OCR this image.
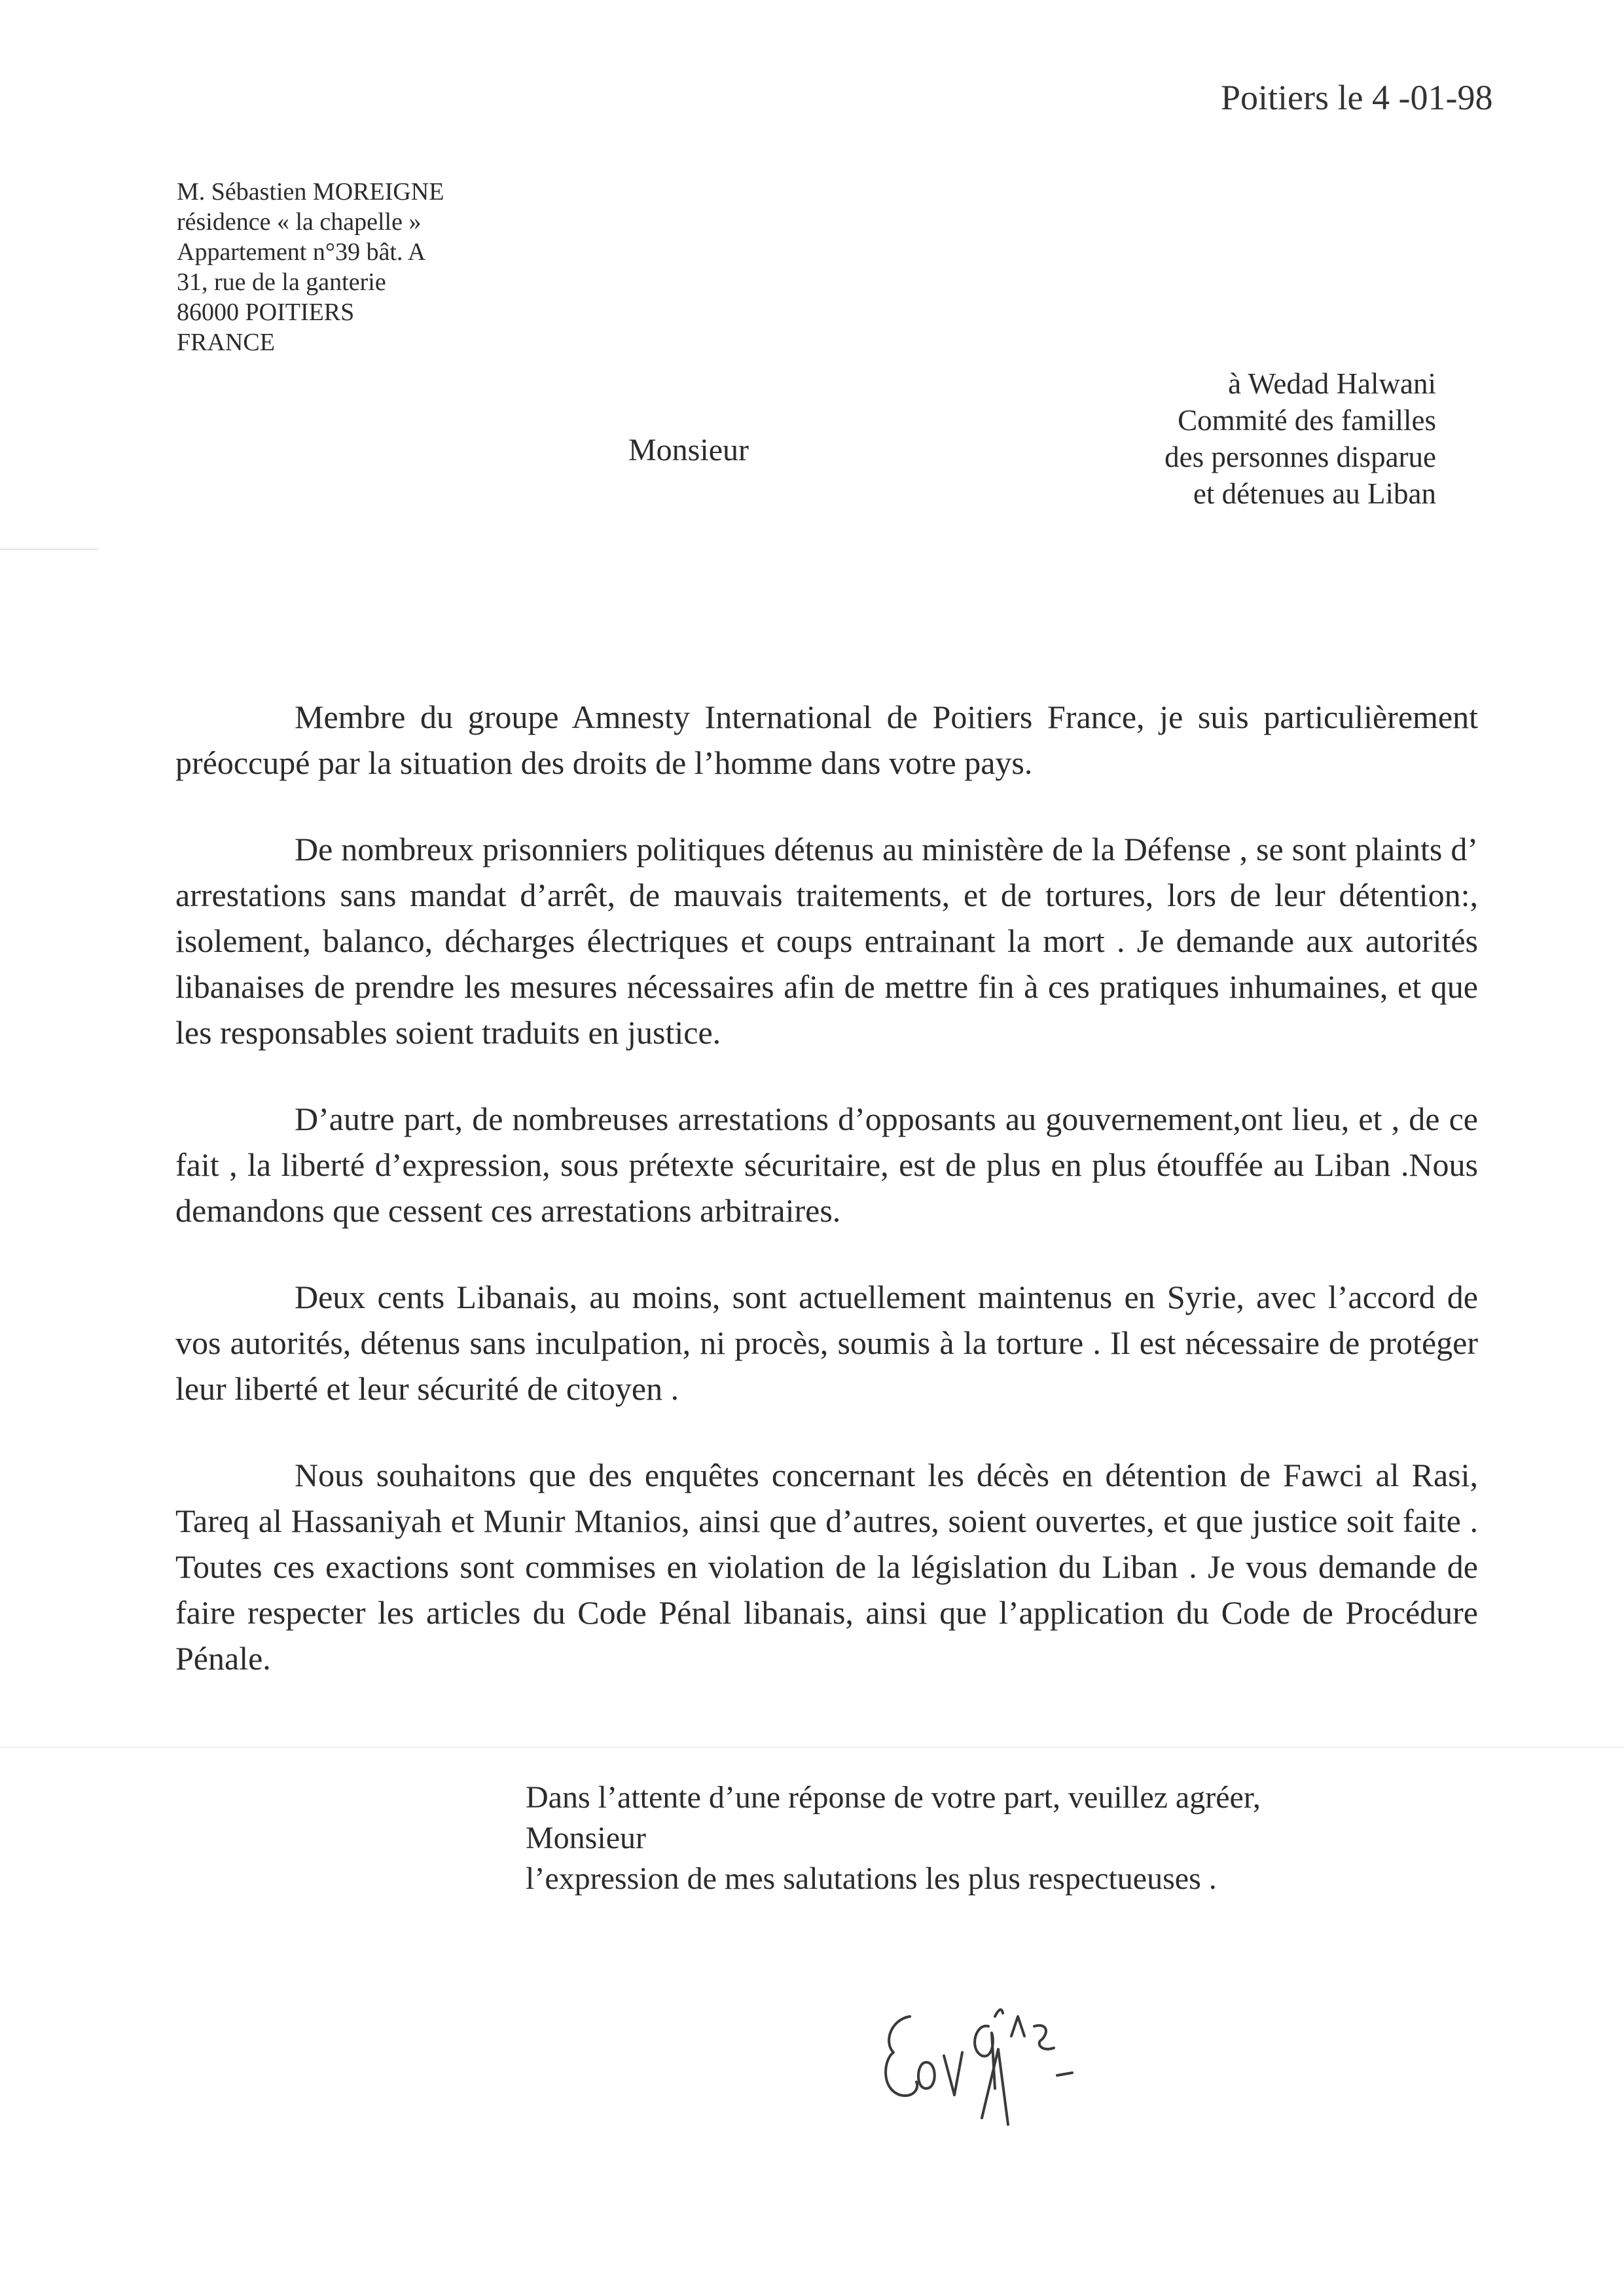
Poitiers le 4 -01-98
M. Sébastien MOREIGNE
résidence « la chapelle »
Appartement n°39 bât. A
31, rue de la ganterie
86000 POITIERS
FRANCE
à Wedad Halwani
Commité des familles
des personnes disparue
et détenues au Liban
Monsieur

Membre du groupe Amnesty International de Poitiers France, je suis particulièrement préoccupé par la situation des droits de l’homme dans votre pays.

De nombreux prisonniers politiques détenus au ministère de la Défense , se sont plaints d’ arrestations sans mandat d’arrêt, de mauvais traitements, et de tortures, lors de leur détention:, isolement, balanco, décharges électriques et coups entrainant la mort . Je demande aux autorités libanaises de prendre les mesures nécessaires afin de mettre fin à ces pratiques inhumaines, et que les responsables soient traduits en justice.

D’autre part, de nombreuses arrestations d’opposants au gouvernement,ont lieu, et , de ce fait , la liberté d’expression, sous prétexte sécuritaire, est de plus en plus étouffée au Liban .Nous demandons que cessent ces arrestations arbitraires.

Deux cents Libanais, au moins, sont actuellement maintenus en Syrie, avec l’accord de vos autorités, détenus sans inculpation, ni procès, soumis à la torture . Il est nécessaire de protéger leur liberté et leur sécurité de citoyen .

Nous souhaitons que des enquêtes concernant les décès en détention de Fawci al Rasi, Tareq al Hassaniyah et Munir Mtanios, ainsi que d’autres, soient ouvertes, et que justice soit faite . Toutes ces exactions sont commises en violation de la législation du Liban . Je vous demande de faire respecter les articles du Code Pénal libanais, ainsi que l’application du Code de Procédure Pénale.

Dans l’attente d’une réponse de votre part, veuillez agréer,
Monsieur
l’expression de mes salutations les plus respectueuses .
